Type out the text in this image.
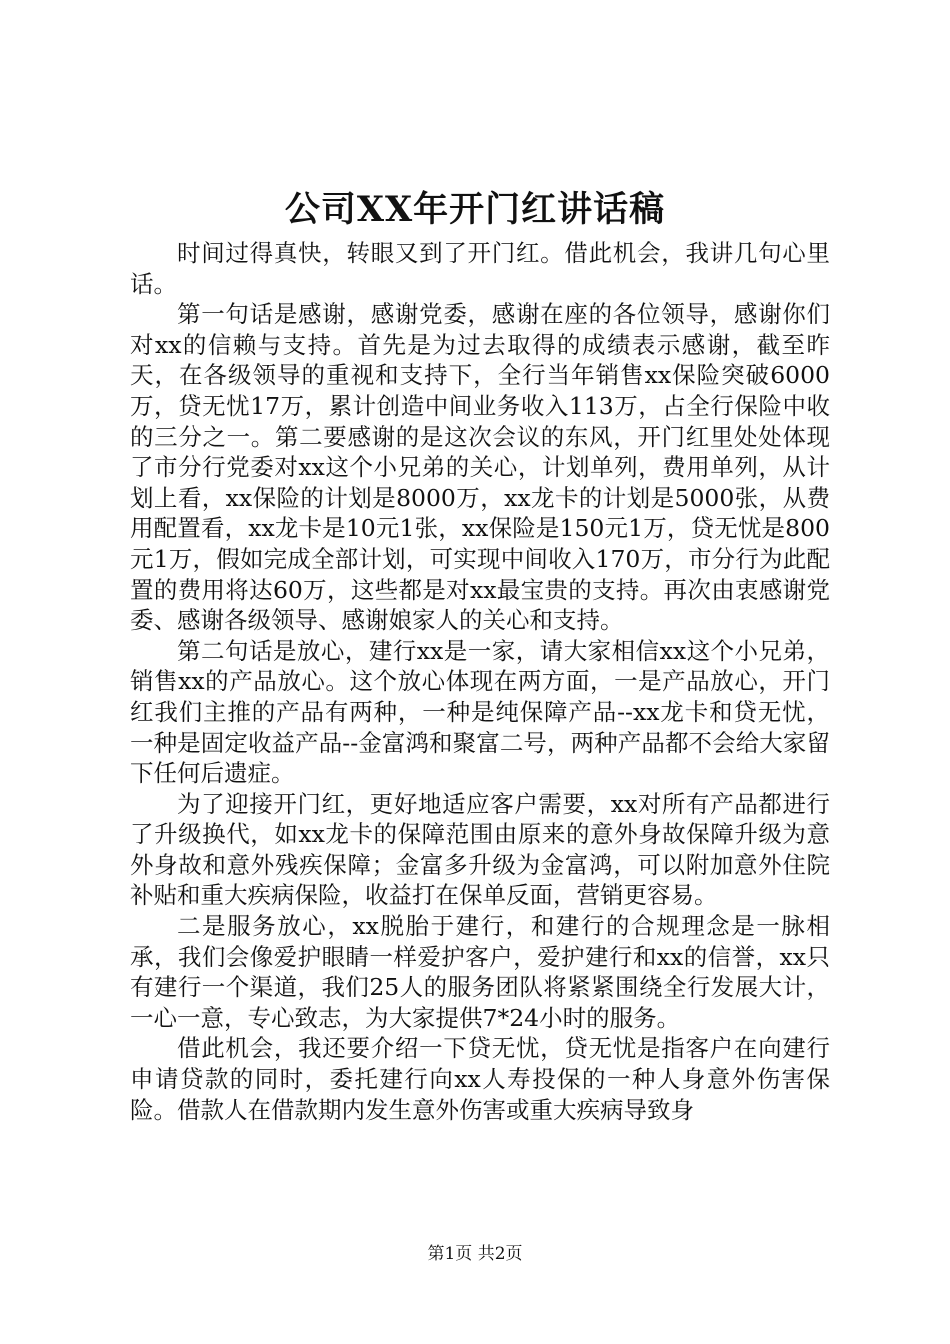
公司XX年开门红讲话稿

时间过得真快，转眼又到了开门红。借此机会，我讲几句心里话。

第一句话是感谢，感谢党委，感谢在座的各位领导，感谢你们对xx的信赖与支持。首先是为过去取得的成绩表示感谢，截至昨天，在各级领导的重视和支持下，全行当年销售xx保险突破6000万，贷无忧17万，累计创造中间业务收入113万，占全行保险中收的三分之一。第二要感谢的是这次会议的东风，开门红里处处体现了市分行党委对xx这个小兄弟的关心，计划单列，费用单列，从计划上看，xx保险的计划是8000万，xx龙卡的计划是5000张，从费用配置看，xx龙卡是10元1张，xx保险是150元1万，贷无忧是800元1万，假如完成全部计划，可实现中间收入170万，市分行为此配置的费用将达60万，这些都是对xx最宝贵的支持。再次由衷感谢党委、感谢各级领导、感谢娘家人的关心和支持。

第二句话是放心，建行xx是一家，请大家相信xx这个小兄弟，销售xx的产品放心。这个放心体现在两方面，一是产品放心，开门红我们主推的产品有两种，一种是纯保障产品--xx龙卡和贷无忧，一种是固定收益产品--金富鸿和聚富二号，两种产品都不会给大家留下任何后遗症。

为了迎接开门红，更好地适应客户需要，xx对所有产品都进行了升级换代，如xx龙卡的保障范围由原来的意外身故保障升级为意外身故和意外残疾保障；金富多升级为金富鸿，可以附加意外住院补贴和重大疾病保险，收益打在保单反面，营销更容易。

二是服务放心，xx脱胎于建行，和建行的合规理念是一脉相承，我们会像爱护眼睛一样爱护客户，爱护建行和xx的信誉，xx只有建行一个渠道，我们25人的服务团队将紧紧围绕全行发展大计，一心一意，专心致志，为大家提供7*24小时的服务。

借此机会，我还要介绍一下贷无忧，贷无忧是指客户在向建行申请贷款的同时，委托建行向xx人寿投保的一种人身意外伤害保险。借款人在借款期内发生意外伤害或重大疾病导致身

第1页 共2页
